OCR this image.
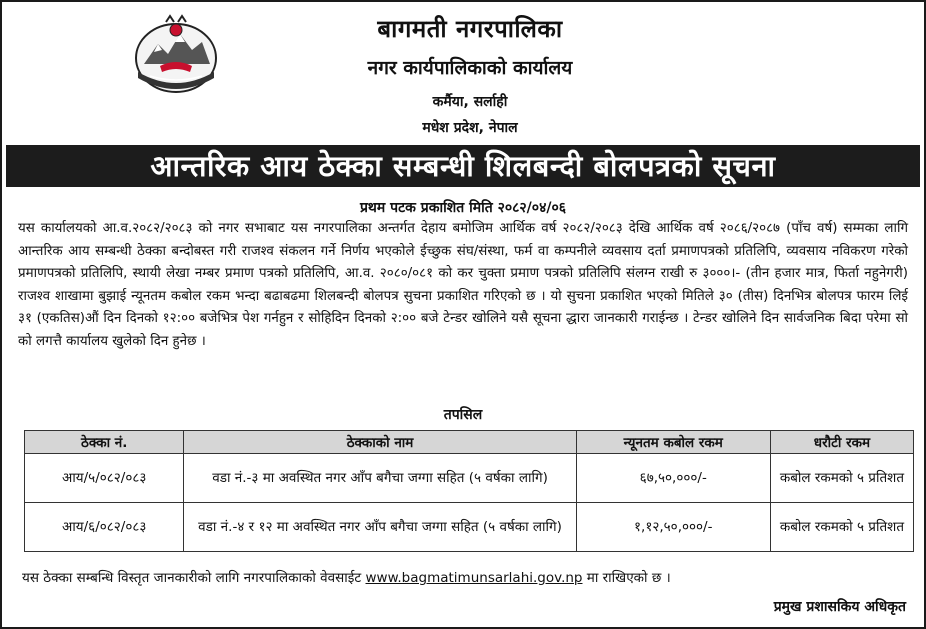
बागमती नगरपालिका
नगर कार्यपालिकाको कार्यालय
कर्मैया, सर्लाही
मधेश प्रदेश, नेपाल
आन्तरिक आय ठेक्का सम्बन्धी शिलबन्दी बोलपत्रको सूचना
प्रथम पटक प्रकाशित मिति २०८२/०४/०६
यस कार्यालयको आ.व.२०८२/२०८३ को नगर सभाबाट यस नगरपालिका अन्तर्गत देहाय बमोजिम आर्थिक वर्ष २०८२/२०८३ देखि आर्थिक वर्ष २०८६/२०८७ (पाँच वर्ष) सम्मका लागि आन्तरिक आय सम्बन्धी ठेक्का बन्दोबस्त गरी राजश्व संकलन गर्ने निर्णय भएकोले ईच्छुक संघ/संस्था, फर्म वा कम्पनीले व्यवसाय दर्ता प्रमाणपत्रको प्रतिलिपि, व्यवसाय नविकरण गरेको प्रमाणपत्रको प्रतिलिपि, स्थायी लेखा नम्बर प्रमाण पत्रको प्रतिलिपि, आ.व. २०८०/०८१ को कर चुक्ता प्रमाण पत्रको प्रतिलिपि संलग्न राखी रु ३०००।- (तीन हजार मात्र, फिर्ता नहुनेगरी) राजश्व शाखामा बुझाई न्यूनतम कबोल रकम भन्दा बढाबढमा शिलबन्दी बोलपत्र सुचना प्रकाशित गरिएको छ । यो सुचना प्रकाशित भएको मितिले ३० (तीस) दिनभित्र बोलपत्र फारम लिई ३१ (एकतिस)औं दिन दिनको १२:०० बजेभित्र पेश गर्नहुन र सोहिदिन दिनको २:०० बजे टेन्डर खोलिने यसै सूचना द्धारा जानकारी गराईन्छ । टेन्डर खोलिने दिन सार्वजनिक बिदा परेमा सो को लगत्तै कार्यालय खुलेको दिन हुनेछ ।
तपसिल
ठेक्का नं.	ठेक्काको नाम	न्यूनतम कबोल रकम	धरौटी रकम
आय/५/०८२/०८३	वडा नं.-३ मा अवस्थित नगर आँप बगैचा जग्गा सहित (५ वर्षका लागि)	६७,५०,०००/-	कबोल रकमको ५ प्रतिशत
आय/६/०८२/०८३	वडा नं.-४ र १२ मा अवस्थित नगर आँप बगैचा जग्गा सहित (५ वर्षका लागि)	१,१२,५०,०००/-	कबोल रकमको ५ प्रतिशत
यस ठेक्का सम्बन्धि विस्तृत जानकारीको लागि नगरपालिकाको वेवसाईट www.bagmatimunsarlahi.gov.np मा राखिएको छ ।
प्रमुख प्रशासकिय अधिकृत
